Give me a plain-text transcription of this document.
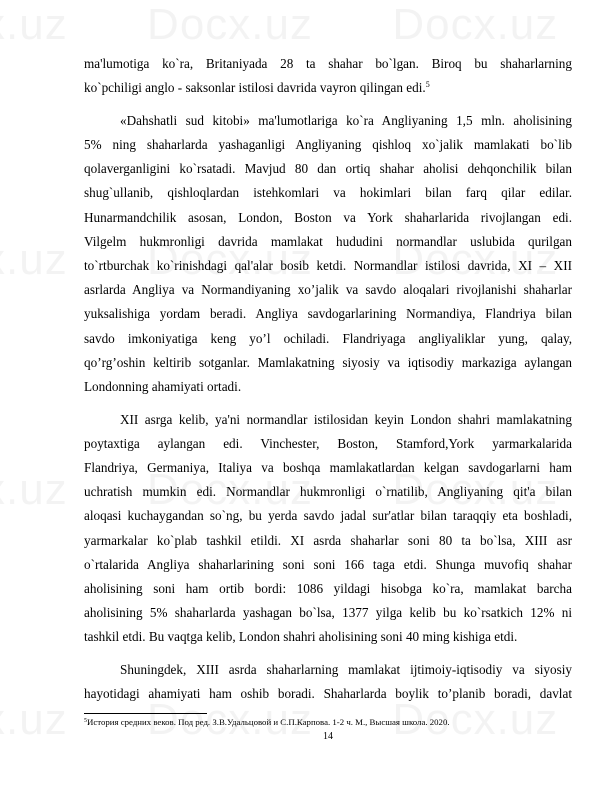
ma'lumotiga ko`ra, Britaniyada 28 ta shahar bo`lgan. Biroq bu shaharlarning
ko`pchiligi anglo - saksonlar istilosi davrida vayron qilingan edi.$^5$
«Dahshatli sud kitobi» ma'lumotlariga ko`ra Angliyaning 1,5 mln. aholisining
5% ning shaharlarda yashaganligi Angliyaning qishloq xo`jalik mamlakati bo`lib
qolaverganligini ko`rsatadi. Mavjud 80 dan ortiq shahar aholisi dehqonchilik bilan
shug`ullanib, qishloqlardan istehkomlari va hokimlari bilan farq qilar edilar.
Hunarmandchilik asosan, London, Boston va York shaharlarida rivojlangan edi.
Vilgelm hukmronligi davrida mamlakat hududini normandlar uslubida qurilgan
to`rtburchak ko`rinishdagi qal'alar bosib ketdi. Normandlar istilosi davrida, XI – XII
asrlarda Angliya va Normandiyaning xo’jalik va savdo aloqalari rivojlanishi shaharlar
yuksalishiga yordam beradi. Angliya savdogarlarining Normandiya, Flandriya bilan
savdo imkoniyatiga keng yo’l ochiladi. Flandriyaga angliyaliklar yung, qalay,
qo’rg’oshin keltirib sotganlar. Mamlakatning siyosiy va iqtisodiy markaziga aylangan
Londonning ahamiyati ortadi.
XII asrga kelib, ya'ni normandlar istilosidan keyin London shahri mamlakatning
poytaxtiga aylangan edi. Vinchester, Boston, Stamford,York yarmarkalarida
Flandriya, Germaniya, Italiya va boshqa mamlakatlardan kelgan savdogarlarni ham
uchratish mumkin edi. Normandlar hukmronligi o`rnatilib, Angliyaning qit'a bilan
aloqasi kuchaygandan so`ng, bu yerda savdo jadal sur'atlar bilan taraqqiy eta boshladi,
yarmarkalar ko`plab tashkil etildi. XI asrda shaharlar soni 80 ta bo`lsa, XIII asr
o`rtalarida Angliya shaharlarining soni soni 166 taga etdi. Shunga muvofiq shahar
aholisining soni ham ortib bordi: 1086 yildagi hisobga ko`ra, mamlakat barcha
aholisining 5% shaharlarda yashagan bo`lsa, 1377 yilga kelib bu ko`rsatkich 12% ni
tashkil etdi. Bu vaqtga kelib, London shahri aholisining soni 40 ming kishiga etdi.
Shuningdek, XIII asrda shaharlarning mamlakat ijtimoiy-iqtisodiy va siyosiy
hayotidagi ahamiyati ham oshib boradi. Shaharlarda boylik to’planib boradi, davlat
$^5$История средних веков. Под ред. З.В.Удальцовой и С.П.Карпова. 1-2 ч. М., Высшая школа. 2020.
14
